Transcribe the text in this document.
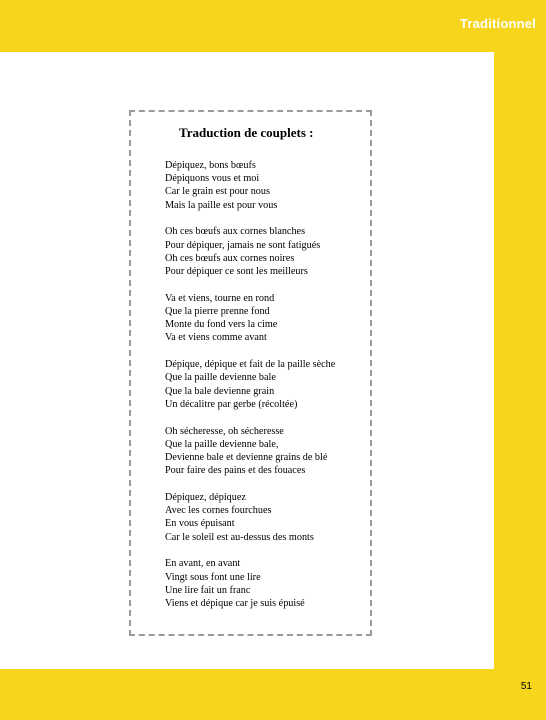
Traditionnel
Traduction de couplets :
Dépiquez, bons bœufs
Dépiquons vous et moi
Car le grain est pour nous
Mais la paille est pour vous
Oh ces bœufs aux cornes blanches
Pour dépiquer, jamais ne sont fatigués
Oh ces bœufs aux cornes noires
Pour dépiquer ce sont les meilleurs
Va et viens, tourne en rond
Que la pierre prenne fond
Monte du fond vers la cime
Va et viens comme avant
Dépique, dépique et fait de la paille sèche
Que la paille devienne bale
Que la bale devienne grain
Un décalitre par gerbe (récoltée)
Oh sécheresse, oh sécheresse
Que la paille devienne bale,
Devienne bale et devienne grains de blé
Pour faire des pains et des fouaces
Dépiquez, dépiquez
Avec les cornes fourchues
En vous épuisant
Car le soleil est au-dessus des monts
En avant, en avant
Vingt sous font une lire
Une lire fait un franc
Viens et dépique car je suis épuisé
51
